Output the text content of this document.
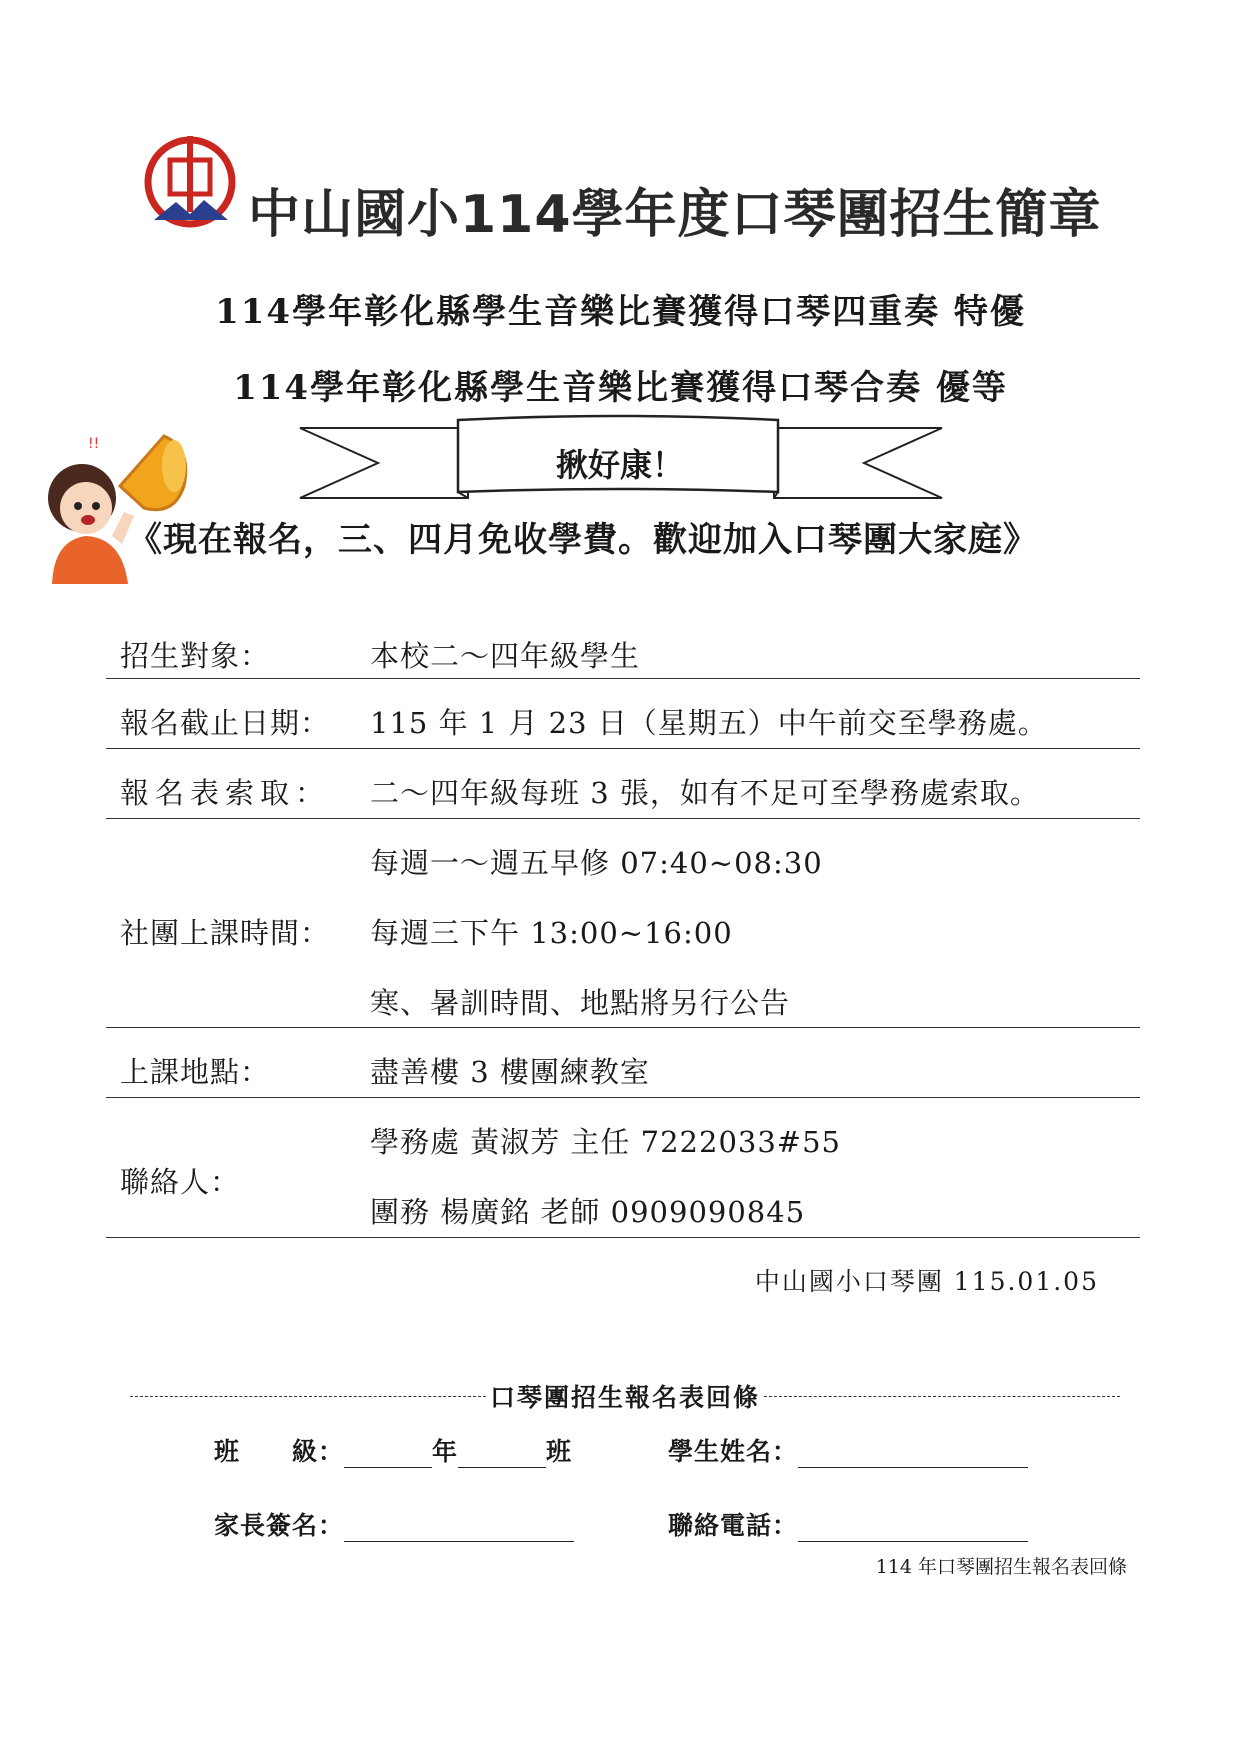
中山國小114學年度口琴團招生簡章
114學年彰化縣學生音樂比賽獲得口琴四重奏 特優
114學年彰化縣學生音樂比賽獲得口琴合奏 優等
揪好康！
!!
《現在報名，三、四月免收學費。歡迎加入口琴團大家庭》
招生對象：	本校二～四年級學生
報名截止日期：	115 年 1 月 23 日（星期五）中午前交至學務處。
報名表索取：	二～四年級每班 3 張，如有不足可至學務處索取。
社團上課時間：
每週一～週五早修 07:40~08:30
每週三下午 13:00~16:00
寒、暑訓時間、地點將另行公告
上課地點：	盡善樓 3 樓團練教室
聯絡人：
學務處 黃淑芳 主任 7222033#55
團務 楊廣銘 老師 0909090845
中山國小口琴團 115.01.05
口琴團招生報名表回條
班　　級：	年	班	學生姓名：
家長簽名：	聯絡電話：
114 年口琴團招生報名表回條
